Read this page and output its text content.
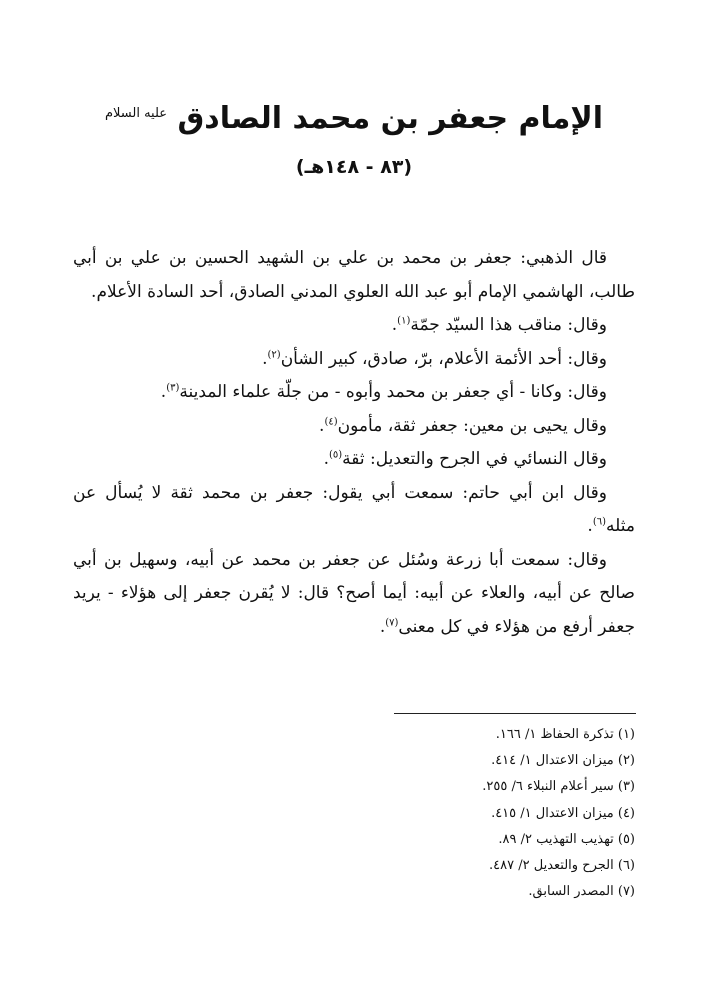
الإمام جعفر بن محمد الصادق $^{عليه السلام}$
(٨٣ - ١٤٨هـ)

قال الذهبي: جعفر بن محمد بن علي بن الشهيد الحسين بن علي بن أبي طالب، الهاشمي الإمام أبو عبد الله العلوي المدني الصادق، أحد السادة الأعلام.

وقال: مناقب هذا السيّد جمّة$^{(١)}$.

وقال: أحد الأئمة الأعلام، برّ، صادق، كبير الشأن$^{(٢)}$.

وقال: وكانا - أي جعفر بن محمد وأبوه - من جلّة علماء المدينة$^{(٣)}$.

وقال يحيى بن معين: جعفر ثقة، مأمون$^{(٤)}$.

وقال النسائي في الجرح والتعديل: ثقة$^{(٥)}$.

وقال ابن أبي حاتم: سمعت أبي يقول: جعفر بن محمد ثقة لا يُسأل عن مثله$^{(٦)}$.

وقال: سمعت أبا زرعة وسُئل عن جعفر بن محمد عن أبيه، وسهيل بن أبي صالح عن أبيه، والعلاء عن أبيه: أيما أصح؟ قال: لا يُقرن جعفر إلى هؤلاء - يريد جعفر أرفع من هؤلاء في كل معنى$^{(٧)}$.

(١) تذكرة الحفاظ ١/ ١٦٦.
(٢) ميزان الاعتدال ١/ ٤١٤.
(٣) سير أعلام النبلاء ٦/ ٢٥٥.
(٤) ميزان الاعتدال ١/ ٤١٥.
(٥) تهذيب التهذيب ٢/ ٨٩.
(٦) الجرح والتعديل ٢/ ٤٨٧.
(٧) المصدر السابق.
